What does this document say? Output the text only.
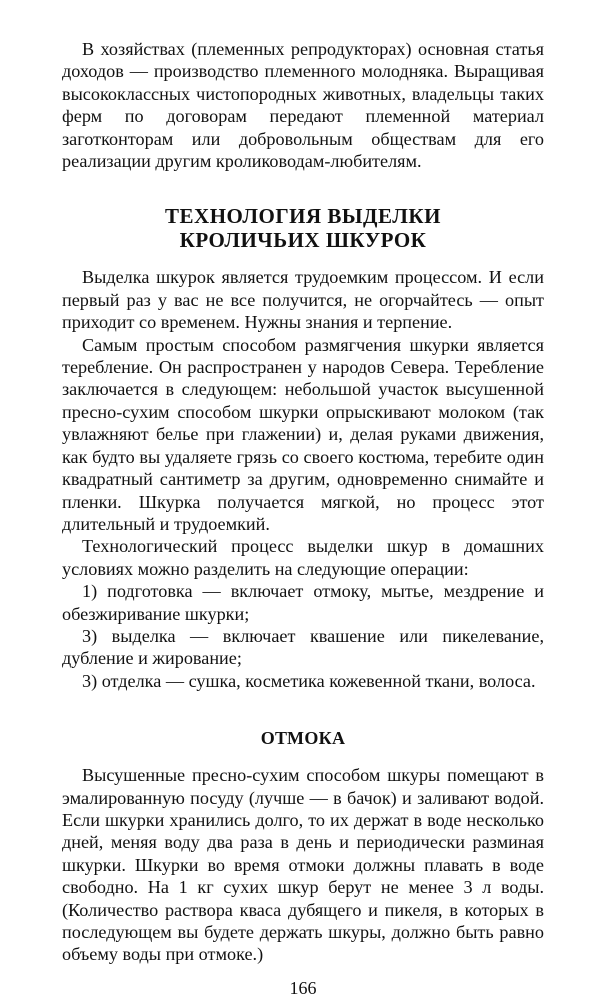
В хозяйствах (племенных репродукторах) основная статья доходов — производство племенного молодняка. Выращивая высококлассных чистопородных животных, владельцы таких ферм по договорам передают племенной материал заготконторам или добровольным обществам для его реализации другим кролиководам-любителям.

ТЕХНОЛОГИЯ ВЫДЕЛКИ
КРОЛИЧЬИХ ШКУРОК

Выделка шкурок является трудоемким процессом. И если первый раз у вас не все получится, не огорчайтесь — опыт приходит со временем. Нужны знания и терпение.

Самым простым способом размягчения шкурки является теребление. Он распространен у народов Севера. Теребление заключается в следующем: небольшой участок высушенной пресно-сухим способом шкурки опрыскивают молоком (так увлажняют белье при глажении) и, делая руками движения, как будто вы удаляете грязь со своего костюма, теребите один квадратный сантиметр за другим, одновременно снимайте и пленки. Шкурка получается мягкой, но процесс этот длительный и трудоемкий.

Технологический процесс выделки шкур в домашних условиях можно разделить на следующие операции:

1) подготовка — включает отмоку, мытье, мездрение и обезжиривание шкурки;

3) выделка — включает квашение или пикелевание, дубление и жирование;

3) отделка — сушка, косметика кожевенной ткани, волоса.

ОТМОКА

Высушенные пресно-сухим способом шкуры помещают в эмалированную посуду (лучше — в бачок) и заливают водой. Если шкурки хранились долго, то их держат в воде несколько дней, меняя воду два раза в день и периодически разминая шкурки. Шкурки во время отмоки должны плавать в воде свободно. На 1 кг сухих шкур берут не менее 3 л воды. (Количество раствора кваса дубящего и пикеля, в которых в последующем вы будете держать шкуры, должно быть равно объему воды при отмоке.)

166
